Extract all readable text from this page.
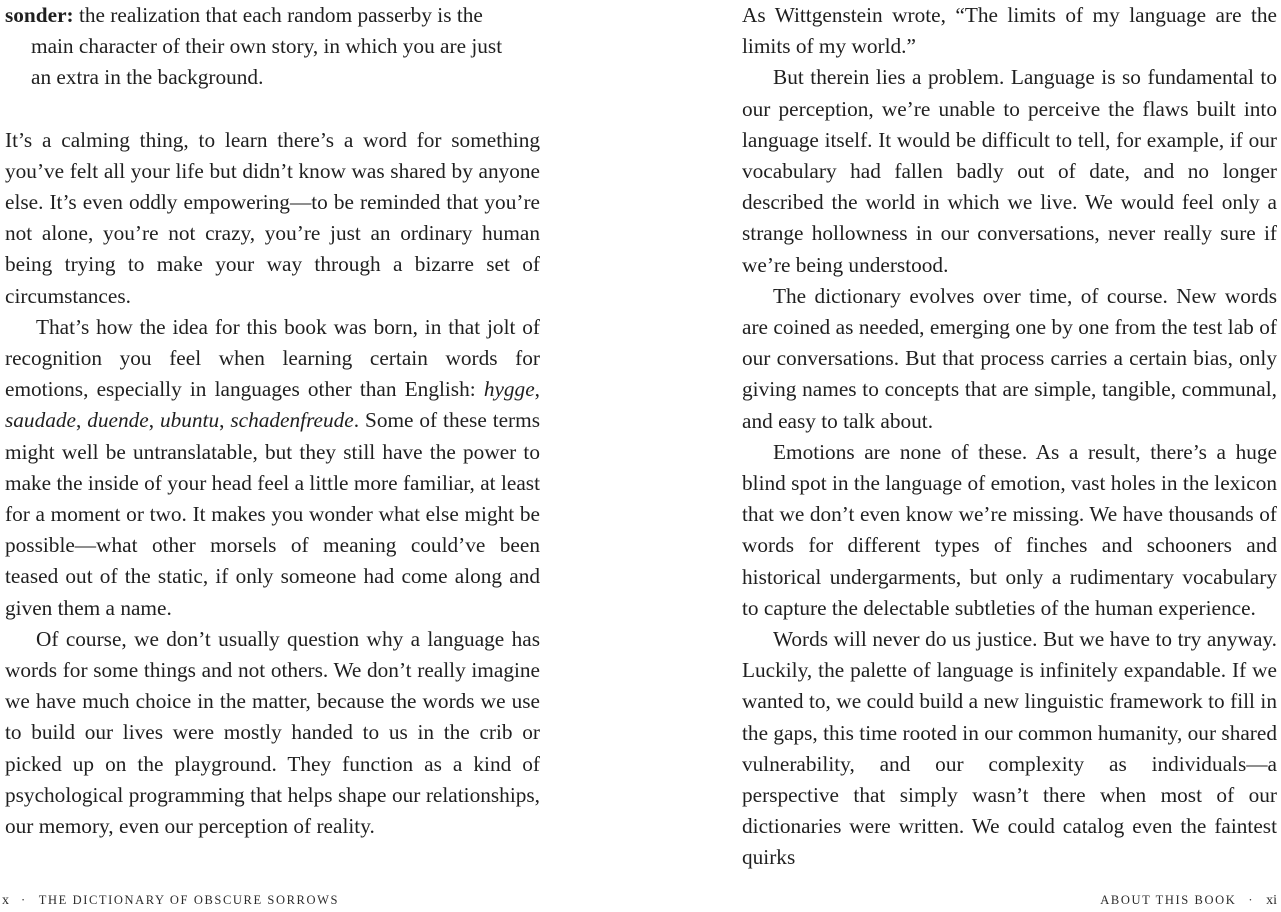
sonder: the realization that each random passerby is the
main character of their own story, in which you are just
an extra in the background.

It’s a calming thing, to learn there’s a word for something you’ve felt all your life but didn’t know was shared by anyone else. It’s even oddly empowering—to be reminded that you’re not alone, you’re not crazy, you’re just an ordinary human being trying to make your way through a bizarre set of circumstances.

That’s how the idea for this book was born, in that jolt of recognition you feel when learning certain words for emotions, especially in languages other than English: hygge, saudade, duende, ubuntu, schadenfreude. Some of these terms might well be untranslatable, but they still have the power to make the inside of your head feel a little more familiar, at least for a moment or two. It makes you wonder what else might be possible—what other morsels of meaning could’ve been teased out of the static, if only someone had come along and given them a name.

Of course, we don’t usually question why a language has words for some things and not others. We don’t really imagine we have much choice in the matter, because the words we use to build our lives were mostly handed to us in the crib or picked up on the playground. They function as a kind of psychological programming that helps shape our relationships, our memory, even our perception of reality.

As Wittgenstein wrote, “The limits of my language are the limits of my world.”

But therein lies a problem. Language is so fundamental to our perception, we’re unable to perceive the flaws built into language itself. It would be difficult to tell, for example, if our vocabulary had fallen badly out of date, and no longer described the world in which we live. We would feel only a strange hollowness in our conversations, never really sure if we’re being understood.

The dictionary evolves over time, of course. New words are coined as needed, emerging one by one from the test lab of our conversations. But that process carries a certain bias, only giving names to concepts that are simple, tangible, communal, and easy to talk about.

Emotions are none of these. As a result, there’s a huge blind spot in the language of emotion, vast holes in the lexicon that we don’t even know we’re missing. We have thousands of words for different types of finches and schooners and historical undergarments, but only a rudimentary vocabulary to capture the delectable subtleties of the human experience.

Words will never do us justice. But we have to try anyway. Luckily, the palette of language is infinitely expandable. If we wanted to, we could build a new linguistic framework to fill in the gaps, this time rooted in our common humanity, our shared vulnerability, and our complexity as individuals—a perspective that simply wasn’t there when most of our dictionaries were written. We could catalog even the faintest quirks

x · THE DICTIONARY OF OBSCURE SORROWS	ABOUT THIS BOOK · xi
